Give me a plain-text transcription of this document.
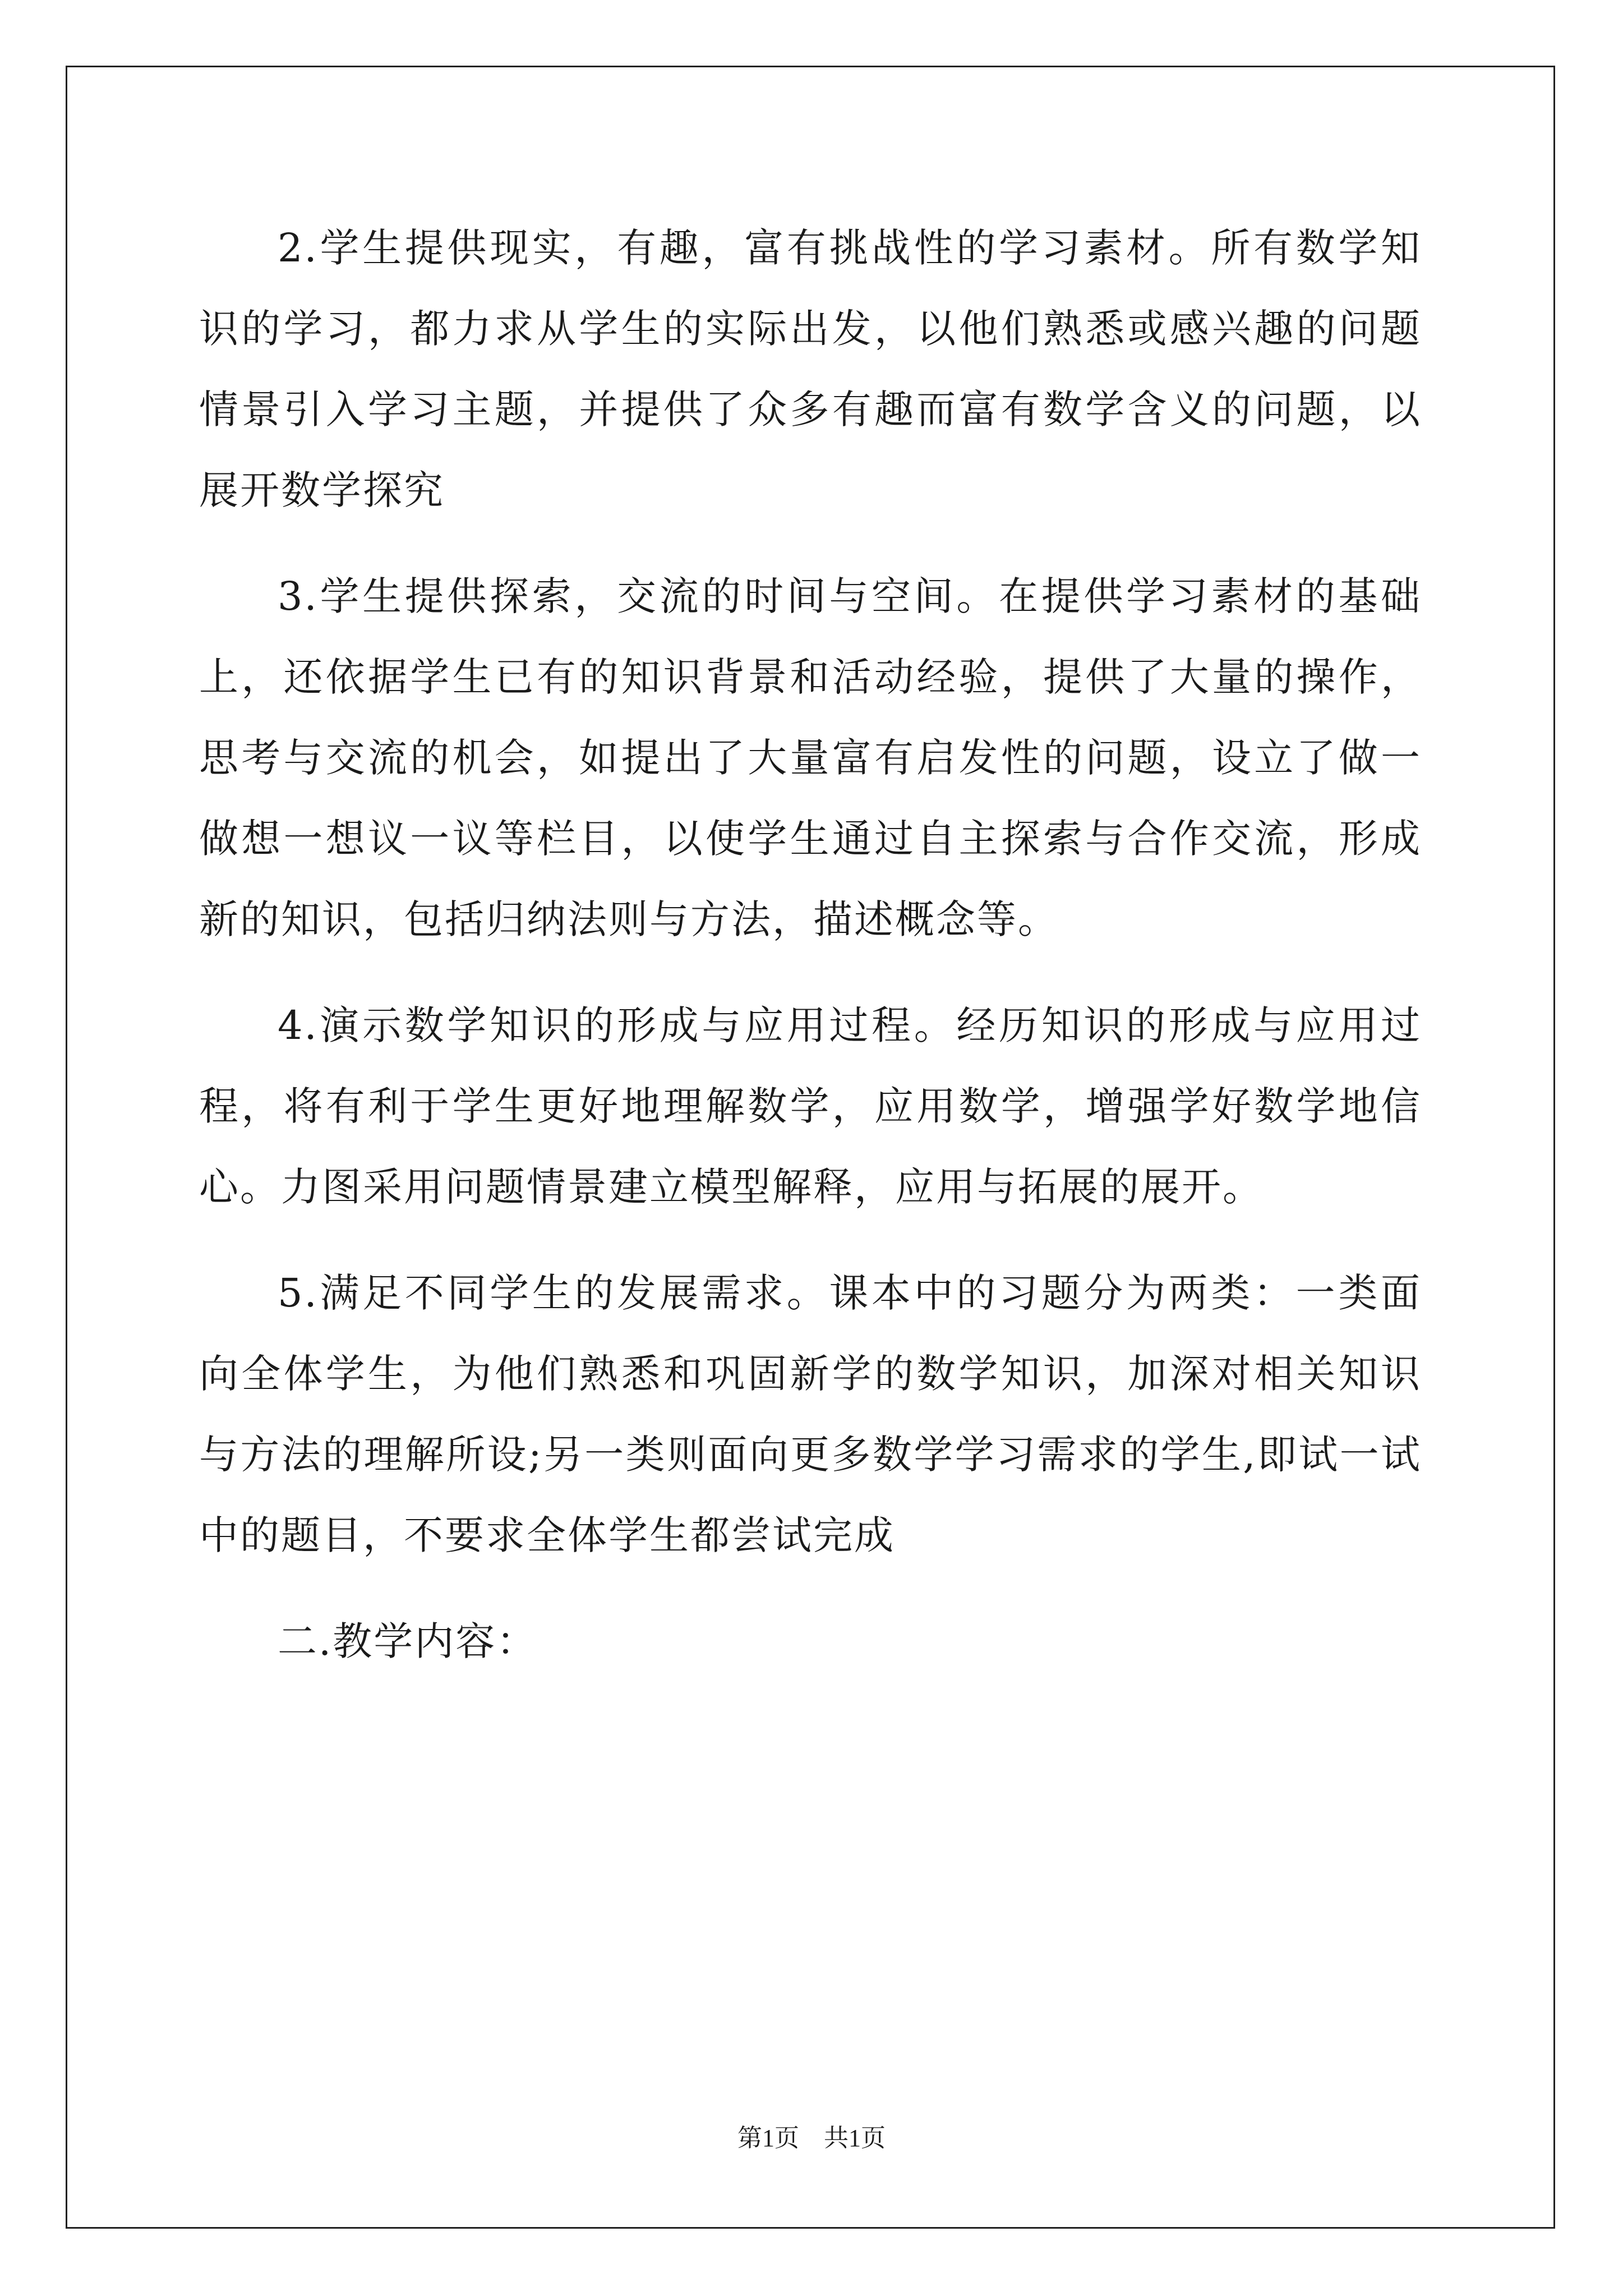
2.学生提供现实，有趣，富有挑战性的学习素材。所有数学知识的学习，都力求从学生的实际出发，以他们熟悉或感兴趣的问题情景引入学习主题，并提供了众多有趣而富有数学含义的问题，以展开数学探究

3.学生提供探索，交流的时间与空间。在提供学习素材的基础上，还依据学生已有的知识背景和活动经验，提供了大量的操作，思考与交流的机会，如提出了大量富有启发性的问题，设立了做一做想一想议一议等栏目，以使学生通过自主探索与合作交流，形成新的知识，包括归纳法则与方法，描述概念等。

4.演示数学知识的形成与应用过程。经历知识的形成与应用过程，将有利于学生更好地理解数学，应用数学，增强学好数学地信心。力图采用问题情景建立模型解释，应用与拓展的展开。

5.满足不同学生的发展需求。课本中的习题分为两类：一类面向全体学生，为他们熟悉和巩固新学的数学知识，加深对相关知识与方法的理解所设;另一类则面向更多数学学习需求的学生,即试一试中的题目，不要求全体学生都尝试完成

二.教学内容：

第1页　共1页
